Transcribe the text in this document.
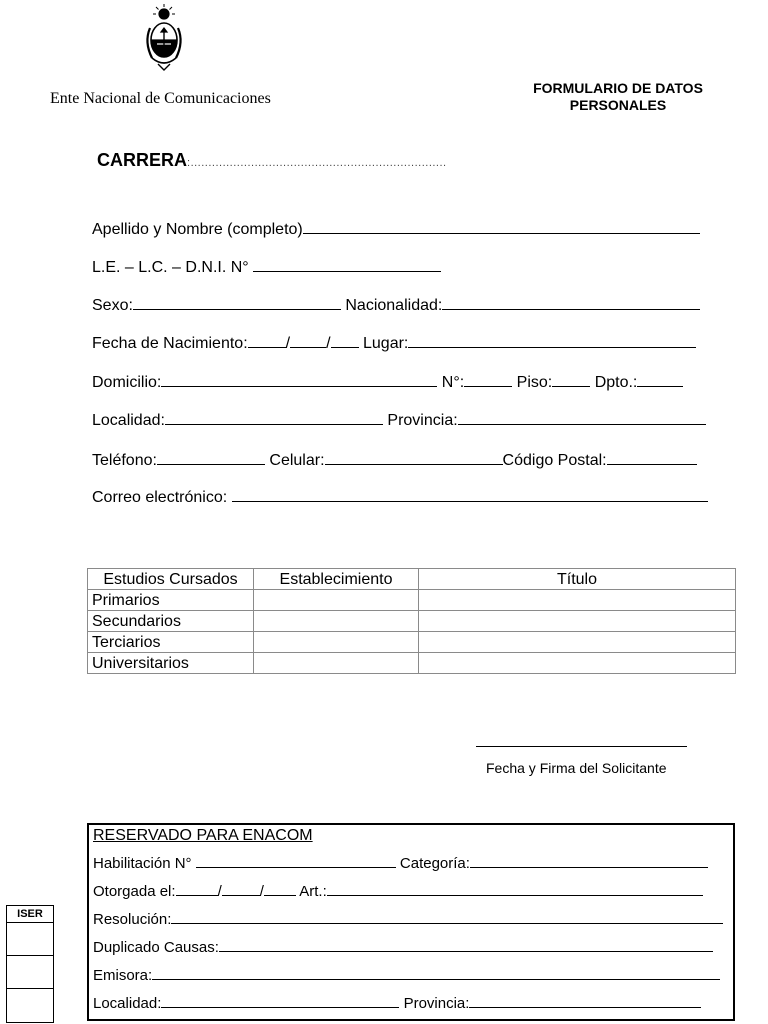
Ente Nacional de Comunicaciones
FORMULARIO DE DATOS
PERSONALES
CARRERA:........................................................................
Apellido y Nombre (completo)
L.E. – L.C. – D.N.I. N°
Sexo:	Nacionalidad:
Fecha de Nacimiento: / / Lugar:
Domicilio:	N°:	Piso:	Dpto.:
Localidad:	Provincia:
Teléfono:	Celular:	Código Postal:
Correo electrónico:
Estudios Cursados	Establecimiento	Título
Primarios		
Secundarios		
Terciarios		
Universitarios		
Fecha y Firma del Solicitante
ISER
RESERVADO PARA ENACOM
Habilitación N°	Categoría:
Otorgada el:	/	/ Art.:
Resolución:
Duplicado Causas:
Emisora:
Localidad:	Provincia:
